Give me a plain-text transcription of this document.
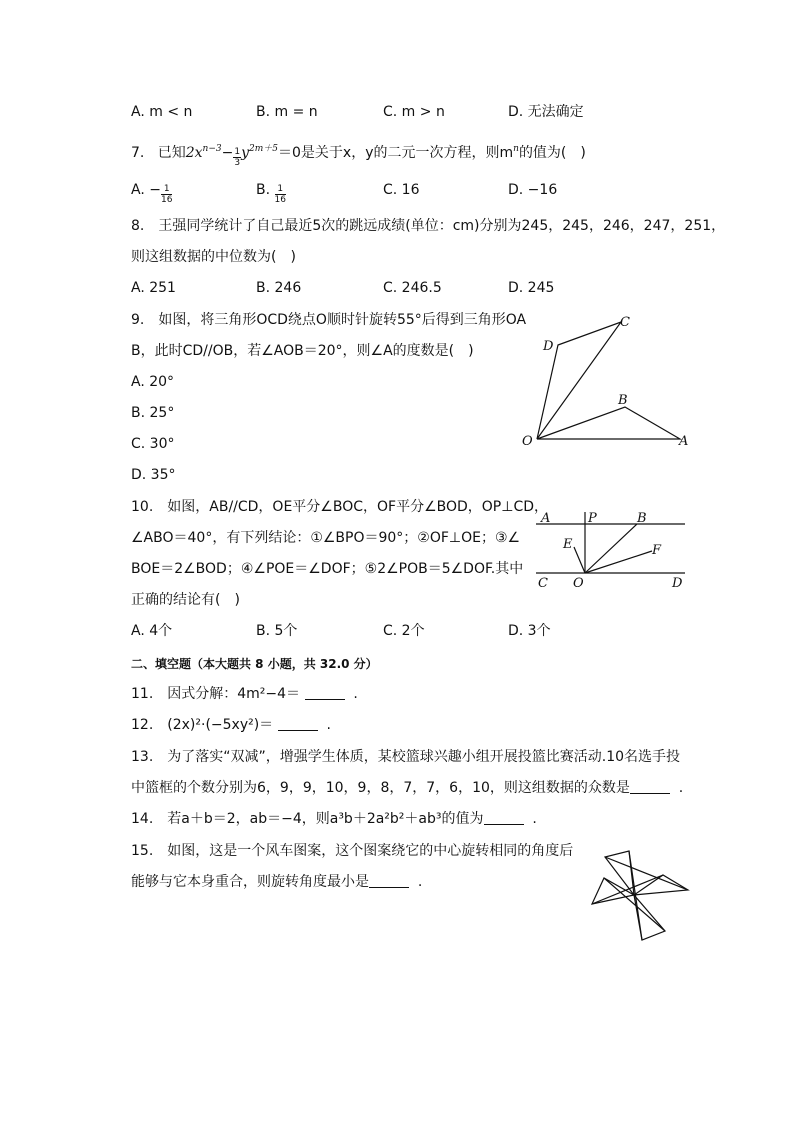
A. m < n	B. m = n	C. m > n	D. 无法确定
7. 已知$2x^{n-3}- \frac{1}{3} y^{2m+5}=0$是关于x，y的二元一次方程，则$m^n$的值为(　)
A. − $\frac{1}{16}$	B. $\frac{1}{16}$	C. 16	D. −16
8.　王强同学统计了自己最近5次的跳远成绩(单位：cm)分别为245，245，246，247，251，
则这组数据的中位数为(　)
A. 251	B. 246	C. 246.5	D. 245
9.　如图，将三角形OCD绕点O顺时针旋转55°后得到三角形OA
B，此时CD//OB，若∠AOB＝20°，则∠A的度数是(　)
A. 20°
B. 25°
C. 30°
D. 35°
C
D
B
O	A
10.　如图，AB//CD，OE平分∠BOC，OF平分∠BOD，OP⊥CD，
∠ABO＝40°，有下列结论：①∠BPO＝90°；②OF⊥OE；③∠
BOE＝2∠BOD；④∠POE＝∠DOF；⑤2∠POB＝5∠DOF.其中
正确的结论有(　)
A. 4个	B. 5个	C. 2个	D. 3个
A	P	B
E	F
C O	D
二、填空题（本大题共 8 小题，共 32.0 分）
11.　因式分解：4m²−4＝	.
12.　(2x)²·(−5xy²)＝	.
13.　为了落实“双减”，增强学生体质，某校篮球兴趣小组开展投篮比赛活动.10名选手投
中篮框的个数分别为6，9，9，10，9，8，7，7，6，10，则这组数据的众数是	.
14.　若a＋b＝2，ab＝−4，则a³b＋2a²b²＋ab³的值为	.
15.　如图，这是一个风车图案，这个图案绕它的中心旋转相同的角度后
能够与它本身重合，则旋转角度最小是	.
